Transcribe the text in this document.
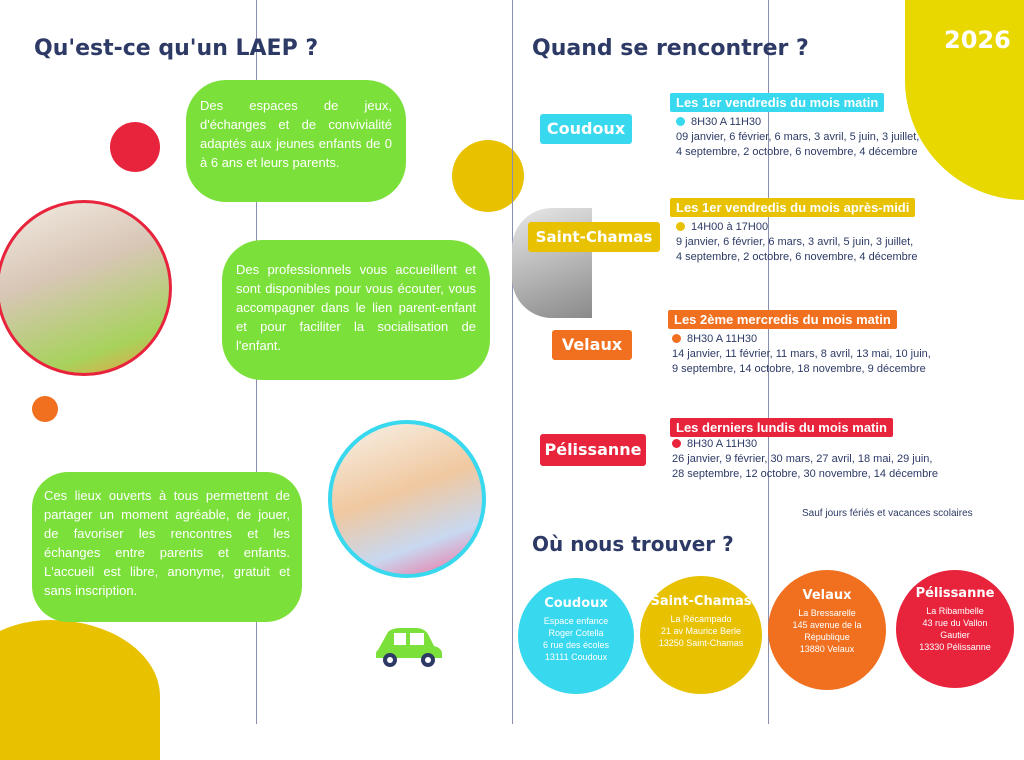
Qu'est-ce qu'un LAEP ?

Des espaces de jeux, d'échanges et de convivialité adaptés aux jeunes enfants de 0 à 6 ans et leurs parents.

Des professionnels vous accueillent et sont disponibles pour vous écouter, vous accompagner dans le lien parent-enfant et pour faciliter la socialisation de l'enfant.

Ces lieux ouverts à tous permettent de partager un moment agréable, de jouer, de favoriser les rencontres et les échanges entre parents et enfants. L'accueil est libre, anonyme, gratuit et sans inscription.

2026
Quand se rencontrer ?
Coudoux
Les 1er vendredis du mois matin
8H30 A 11H30
09 janvier, 6 février, 6 mars, 3 avril, 5 juin, 3 juillet,
4 septembre, 2 octobre, 6 novembre, 4 décembre
Saint-Chamas
Les 1er vendredis du mois après-midi
14H00 à 17H00
9 janvier, 6 février, 6 mars, 3 avril, 5 juin, 3 juillet,
4 septembre, 2 octobre, 6 novembre, 4 décembre
Velaux
Les 2ème mercredis du mois matin
8H30 A 11H30
14 janvier, 11 février, 11 mars, 8 avril, 13 mai, 10 juin,
9 septembre, 14 octobre, 18 novembre, 9 décembre
Pélissanne
Les derniers lundis du mois matin
8H30 A 11H30
26 janvier, 9 février, 30 mars, 27 avril, 18 mai, 29 juin,
28 septembre, 12 octobre, 30 novembre, 14 décembre
Sauf jours fériés et vacances scolaires
Où nous trouver ?
Coudoux
Espace enfance
Roger Cotella
6 rue des écoles
13111 Coudoux
Saint-Chamas
La Récampado
21 av Maurice Berle
13250 Saint-Chamas
Velaux
La Bressarelle
145 avenue de la
République
13880 Velaux
Pélissanne
La Ribambelle
43 rue du Vallon
Gautier
13330 Pélissanne
